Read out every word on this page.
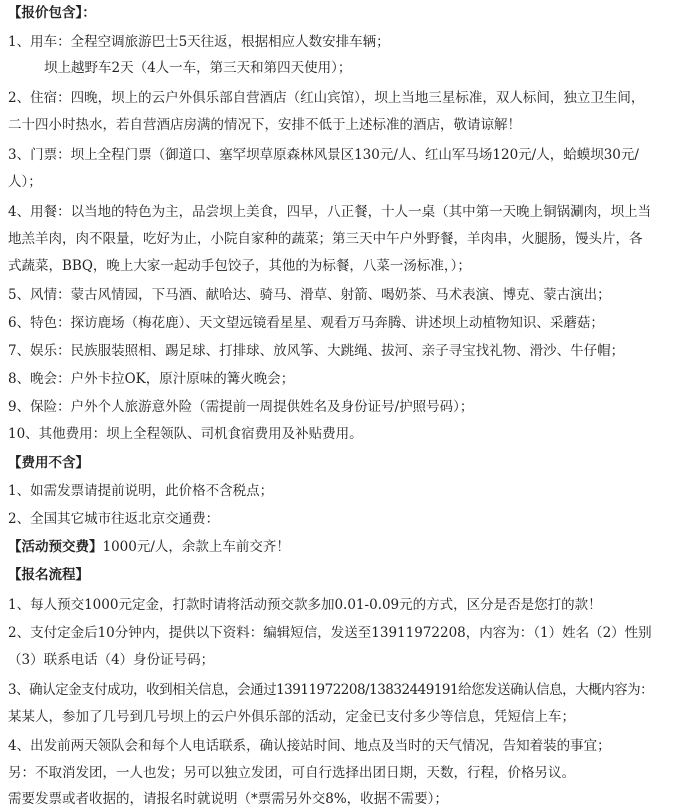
【报价包含】：
1、用车：全程空调旅游巴士5天往返，根据相应人数安排车辆；
坝上越野车2天（4人一车，第三天和第四天使用）；
2、住宿：四晚，坝上的云户外俱乐部自营酒店（红山宾馆），坝上当地三星标准，双人标间，独立卫生间，
二十四小时热水，若自营酒店房满的情况下，安排不低于上述标准的酒店，敬请谅解！
3、门票：坝上全程门票（御道口、塞罕坝草原森林风景区130元/人、红山军马场120元/人，蛤蟆坝30元/
人）；
4、用餐：以当地的特色为主，品尝坝上美食，四早，八正餐，十人一桌（其中第一天晚上铜锅涮肉，坝上当
地羔羊肉，肉不限量，吃好为止，小院自家种的蔬菜；第三天中午户外野餐，羊肉串，火腿肠，馒头片，各
式蔬菜，BBQ，晚上大家一起动手包饺子，其他的为标餐，八菜一汤标准，）；
5、风情：蒙古风情园，下马酒、献哈达、骑马、滑草、射箭、喝奶茶、马术表演、博克、蒙古演出；
6、特色：探访鹿场（梅花鹿）、天文望远镜看星星、观看万马奔腾、讲述坝上动植物知识、采蘑菇；
7、娱乐：民族服装照相、踢足球、打排球、放风筝、大跳绳、拔河、亲子寻宝找礼物、滑沙、牛仔帽；
8、晚会：户外卡拉OK，原汁原味的篝火晚会；
9、保险：户外个人旅游意外险（需提前一周提供姓名及身份证号/护照号码）；
10、其他费用：坝上全程领队、司机食宿费用及补贴费用。
【费用不含】
1、如需发票请提前说明，此价格不含税点；
2、全国其它城市往返北京交通费：
【活动预交费】1000元/人，余款上车前交齐！
【报名流程】
1、每人预交1000元定金，打款时请将活动预交款多加0.01-0.09元的方式，区分是否是您打的款！
2、支付定金后10分钟内，提供以下资料：编辑短信，发送至13911972208，内容为：（1）姓名（2）性别
（3）联系电话（4）身份证号码；
3、确认定金支付成功，收到相关信息，会通过13911972208/13832449191给您发送确认信息，大概内容为：
某某人，参加了几号到几号坝上的云户外俱乐部的活动，定金已支付多少等信息，凭短信上车；
4、出发前两天领队会和每个人电话联系，确认接站时间、地点及当时的天气情况，告知着装的事宜；
另：不取消发团，一人也发；另可以独立发团，可自行选择出团日期，天数，行程，价格另议。
需要发票或者收据的，请报名时就说明（*票需另外交8%，收据不需要）；
